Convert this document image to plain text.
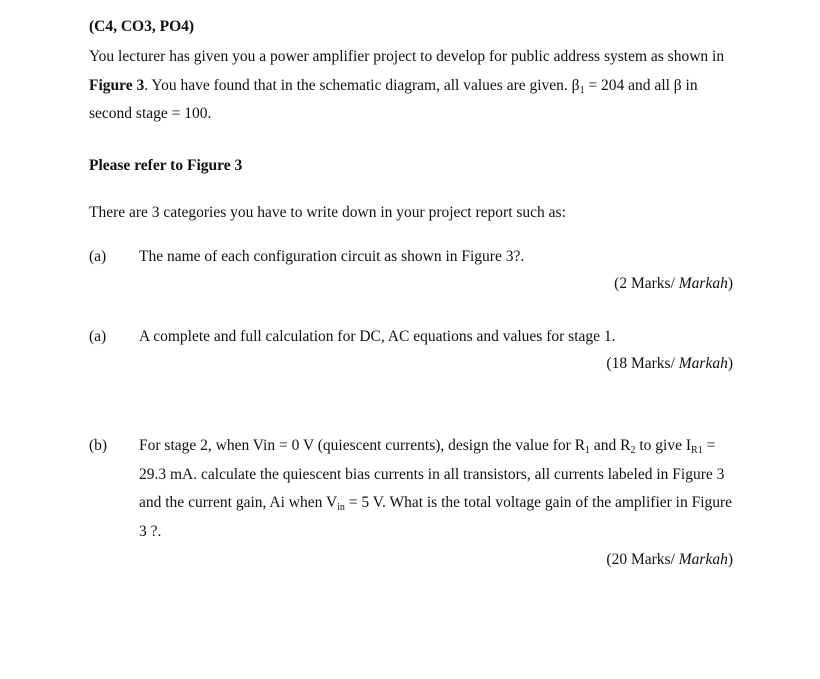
(C4, CO3, PO4)
You lecturer has given you a power amplifier project to develop for public address system as shown in Figure 3. You have found that in the schematic diagram, all values are given. $\beta_1 = 204$ and all β in second stage = 100.
Please refer to Figure 3
There are 3 categories you have to write down in your project report such as:
(a) The name of each configuration circuit as shown in Figure 3?.
(2 Marks/ Markah)
(a) A complete and full calculation for DC, AC equations and values for stage 1.
(18 Marks/ Markah)
(b) For stage 2, when Vin = 0 V (quiescent currents), design the value for $R_1$ and $R_2$ to give $I_{R1} = 29.3$ mA. calculate the quiescent bias currents in all transistors, all currents labeled in Figure 3 and the current gain, Ai when $V_{in} = 5$ V. What is the total voltage gain of the amplifier in Figure 3 ?.
(20 Marks/ Markah)
